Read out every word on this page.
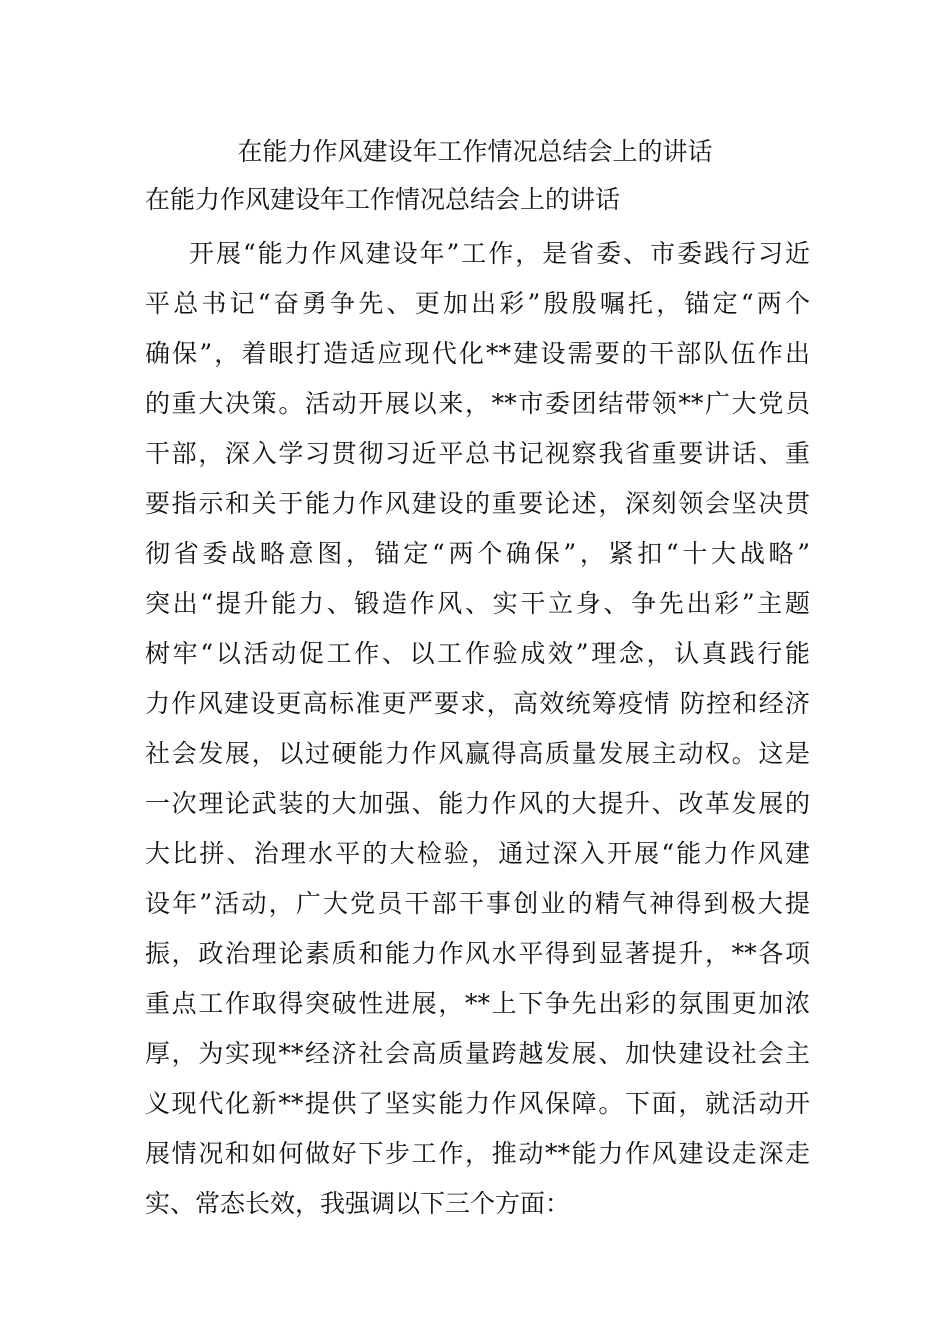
在能力作风建设年工作情况总结会上的讲话
在能力作风建设年工作情况总结会上的讲话
开展“能力作风建设年”工作，是省委、市委践行习近
平总书记“奋勇争先、更加出彩”殷殷嘱托，锚定“两个
确保”，着眼打造适应现代化**建设需要的干部队伍作出
的重大决策。活动开展以来，**市委团结带领**广大党员
干部，深入学习贯彻习近平总书记视察我省重要讲话、重
要指示和关于能力作风建设的重要论述，深刻领会坚决贯
彻省委战略意图，锚定“两个确保”，紧扣“十大战略”
突出“提升能力、锻造作风、实干立身、争先出彩”主题
树牢“以活动促工作、以工作验成效”理念，认真践行能
力作风建设更高标准更严要求，高效统筹疫情 防控和经济
社会发展，以过硬能力作风赢得高质量发展主动权。这是
一次理论武装的大加强、能力作风的大提升、改革发展的
大比拼、治理水平的大检验，通过深入开展“能力作风建
设年”活动，广大党员干部干事创业的精气神得到极大提
振，政治理论素质和能力作风水平得到显著提升，**各项
重点工作取得突破性进展，**上下争先出彩的氛围更加浓
厚，为实现**经济社会高质量跨越发展、加快建设社会主
义现代化新**提供了坚实能力作风保障。下面，就活动开
展情况和如何做好下步工作，推动**能力作风建设走深走
实、常态长效，我强调以下三个方面：
